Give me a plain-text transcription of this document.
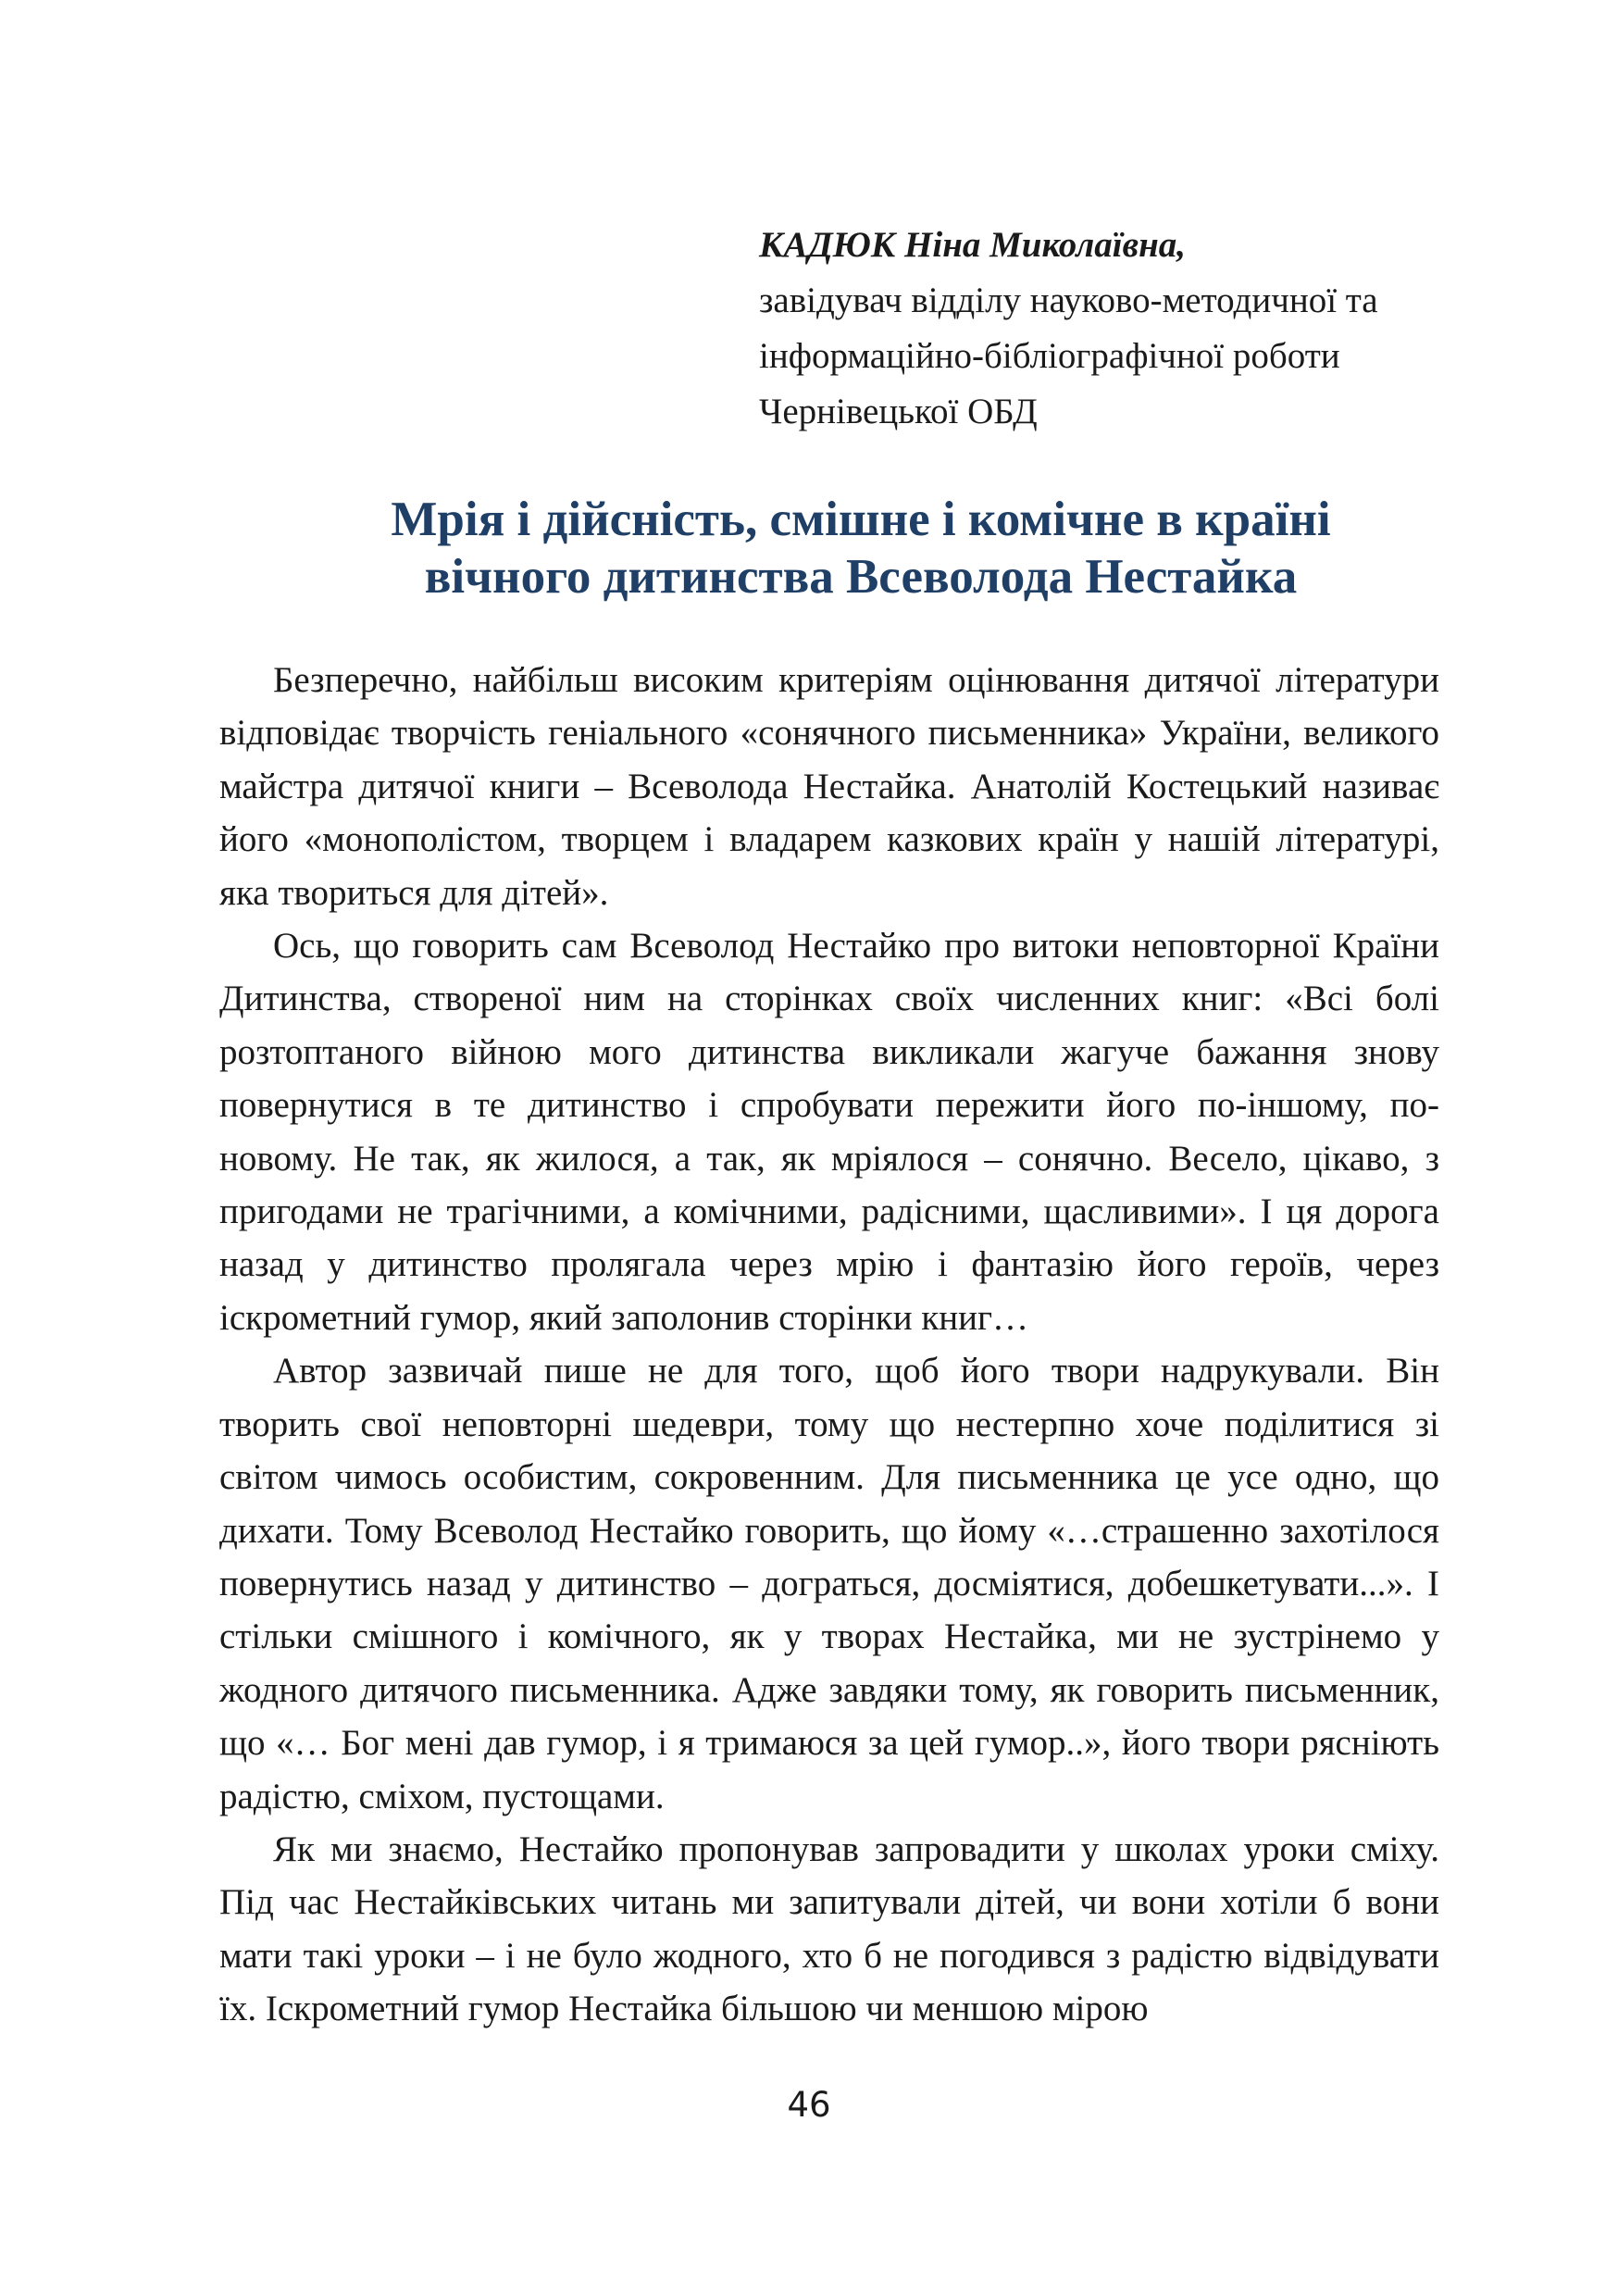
КАДЮК Ніна Миколаївна,
завідувач відділу науково-методичної та
інформаційно-бібліографічної роботи
Чернівецької ОБД
Мрія і дійсність, смішне і комічне в країні
вічного дитинства Всеволода Нестайка

Безперечно, найбільш високим критеріям оцінювання дитячої літератури відповідає творчість геніального «сонячного письменника» України, великого майстра дитячої книги – Всеволода Нестайка. Анатолій Костецький називає його «монополістом, творцем і владарем казкових країн у нашій літературі, яка твориться для дітей».

Ось, що говорить сам Всеволод Нестайко про витоки неповторної Країни Дитинства, створеної ним на сторінках своїх численних книг: «Всі болі розтоптаного війною мого дитинства викликали жагуче бажання знову повернутися в те дитинство і спробувати пережити його по-іншому, по-новому. Не так, як жилося, а так, як мріялося – сонячно. Весело, цікаво, з пригодами не трагічними, а комічними, радісними, щасливими». І ця дорога назад у дитинство пролягала через мрію і фантазію його героїв, через іскрометний гумор, який заполонив сторінки книг…

Автор зазвичай пише не для того, щоб його твори надрукували. Він творить свої неповторні шедеври, тому що нестерпно хоче поділитися зі світом чимось особистим, сокровенним. Для письменника це усе одно, що дихати. Тому Всеволод Нестайко говорить, що йому «…страшенно захотілося повернутись назад у дитинство – дограться, досміятися, добешкетувати...». І стільки смішного і комічного, як у творах Нестайка, ми не зустрінемо у жодного дитячого письменника. Адже завдяки тому, як говорить письменник, що «… Бог мені дав гумор, і я тримаюся за цей гумор..», його твори рясніють радістю, сміхом, пустощами.

Як ми знаємо, Нестайко пропонував запровадити у школах уроки сміху. Під час Нестайківських читань ми запитували дітей, чи вони хотіли б вони мати такі уроки – і не було жодного, хто б не погодився з радістю відвідувати їх. Іскрометний гумор Нестайка більшою чи меншою мірою

46
